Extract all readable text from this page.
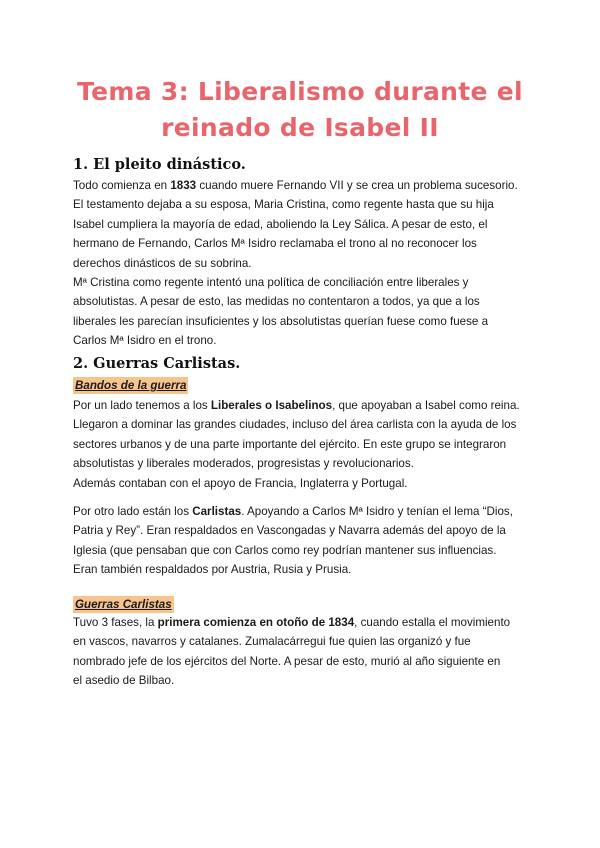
Tema 3: Liberalismo durante el
reinado de Isabel II
1. El pleito dinástico.
Todo comienza en 1833 cuando muere Fernando VII y se crea un problema sucesorio.
El testamento dejaba a su esposa, Maria Cristina, como regente hasta que su hija
Isabel cumpliera la mayoría de edad, aboliendo la Ley Sálica. A pesar de esto, el
hermano de Fernando, Carlos Mª Isidro reclamaba el trono al no reconocer los
derechos dinásticos de su sobrina.
Mª Cristina como regente intentó una política de conciliación entre liberales y
absolutistas. A pesar de esto, las medidas no contentaron a todos, ya que a los
liberales les parecían insuficientes y los absolutistas querían fuese como fuese a
Carlos Mª Isidro en el trono.
2. Guerras Carlistas.
Bandos de la guerra
Por un lado tenemos a los Liberales o Isabelinos, que apoyaban a Isabel como reina.
Llegaron a dominar las grandes ciudades, incluso del área carlista con la ayuda de los
sectores urbanos y de una parte importante del ejército. En este grupo se integraron
absolutistas y liberales moderados, progresistas y revolucionarios.
Además contaban con el apoyo de Francia, Inglaterra y Portugal.
Por otro lado están los Carlistas. Apoyando a Carlos Mª Isidro y tenían el lema “Dios,
Patria y Rey”. Eran respaldados en Vascongadas y Navarra además del apoyo de la
Iglesia (que pensaban que con Carlos como rey podrían mantener sus influencias.
Eran también respaldados por Austria, Rusia y Prusia.
Guerras Carlistas
Tuvo 3 fases, la primera comienza en otoño de 1834, cuando estalla el movimiento
en vascos, navarros y catalanes. Zumalacárregui fue quien las organizó y fue
nombrado jefe de los ejércitos del Norte. A pesar de esto, murió al año siguiente en
el asedio de Bilbao.
